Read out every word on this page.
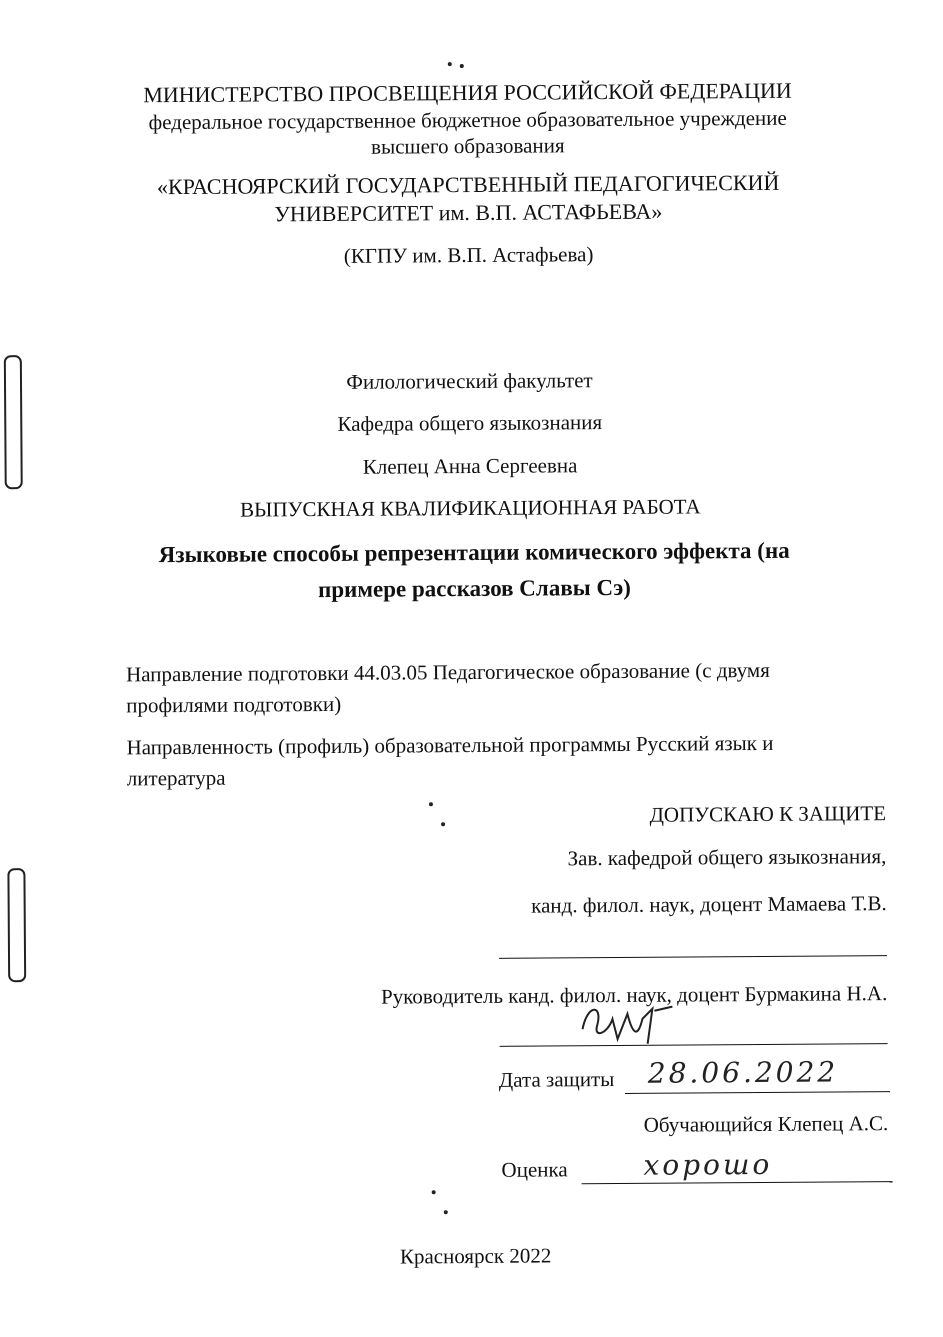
МИНИСТЕРСТВО ПРОСВЕЩЕНИЯ РОССИЙСКОЙ ФЕДЕРАЦИИ
федеральное государственное бюджетное образовательное учреждение
высшего образования
«КРАСНОЯРСКИЙ ГОСУДАРСТВЕННЫЙ ПЕДАГОГИЧЕСКИЙ
УНИВЕРСИТЕТ им. В.П. АСТАФЬЕВА»
(КГПУ им. В.П. Астафьева)
Филологический факультет
Кафедра общего языкознания
Клепец Анна Сергеевна
ВЫПУСКНАЯ КВАЛИФИКАЦИОННАЯ РАБОТА
Языковые способы репрезентации комического эффекта (на примере рассказов Славы Сэ)
Направление подготовки 44.03.05 Педагогическое образование (с двумя профилями подготовки)
Направленность (профиль) образовательной программы Русский язык и литература
ДОПУСКАЮ К ЗАЩИТЕ
Зав. кафедрой общего языкознания,
канд. филол. наук, доцент Мамаева Т.В.
Руководитель канд. филол. наук, доцент Бурмакина Н.А.
Дата защиты 28.06.2022
Обучающийся Клепец А.С.
Оценка	хорошо
Красноярск 2022
